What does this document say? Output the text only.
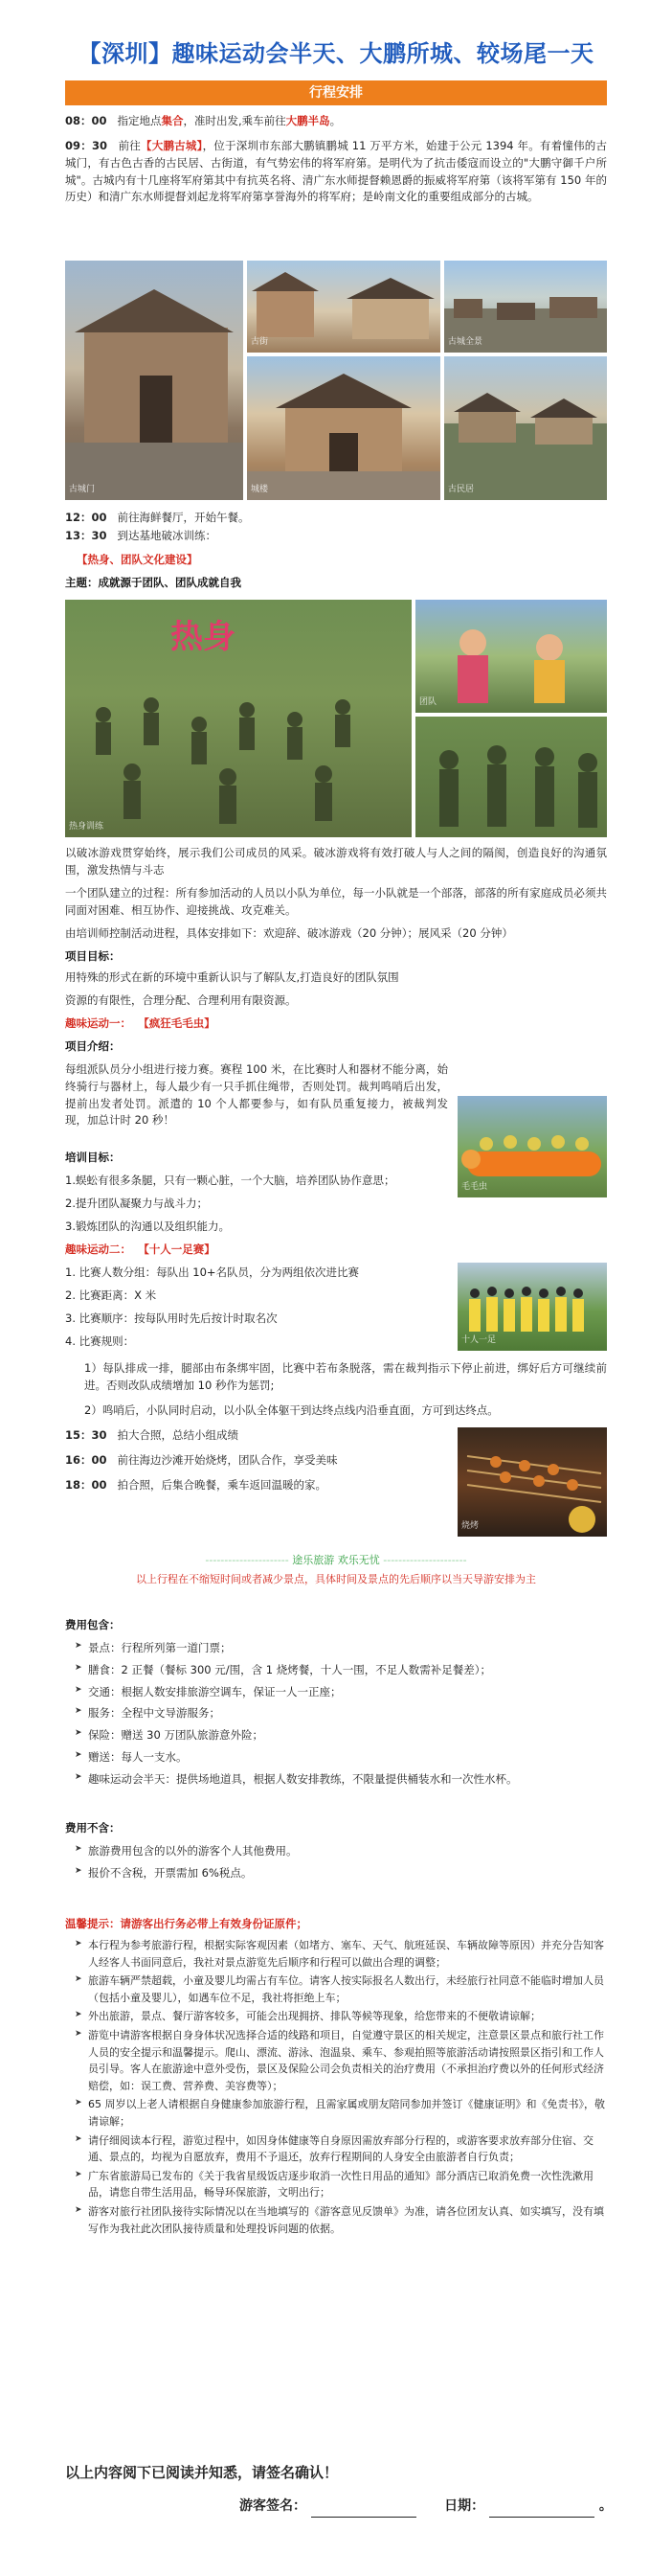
【深圳】趣味运动会半天、大鹏所城、较场尾一天
行程安排
08：00 指定地点集合，准时出发,乘车前往大鹏半岛。
09：30 前往【大鹏古城】，位于深圳市东部大鹏镇鹏城 11 万平方米，始建于公元 1394 年。有着憧伟的古城门，有古色古香的古民居、古街道，有气势宏伟的将军府第。是明代为了抗击倭寇而设立的"大鹏守御千户所城"。古城内有十几座将军府第其中有抗英名将、清广东水师提督赖恩爵的振威将军府第（该将军第有 150 年的历史）和清广东水师提督刘起龙将军府第享誉海外的将军府；是岭南文化的重要组成部分的古城。
古城门
古街
城楼
古城全景
古民居
12：00 前往海鲜餐厅，开始午餐。
13：30 到达基地破冰训练：
【热身、团队文化建设】
主题：成就源于团队、团队成就自我
热身
热身训练
团队
以破冰游戏贯穿始终，展示我们公司成员的风采。破冰游戏将有效打破人与人之间的隔阂，创造良好的沟通氛围，激发热情与斗志
一个团队建立的过程：所有参加活动的人员以小队为单位，每一小队就是一个部落，部落的所有家庭成员必须共同面对困难、相互协作、迎接挑战、攻克难关。
由培训师控制活动进程，具体安排如下：欢迎辞、破冰游戏（20 分钟）；展风采（20 分钟）
项目目标：
用特殊的形式在新的环境中重新认识与了解队友,打造良好的团队氛围
资源的有限性，合理分配、合理利用有限资源。
趣味运动一： 【疯狂毛毛虫】
项目介绍：
每组派队员分小组进行接力赛。赛程 100 米，在比赛时人和器材不能分离，始终骑行与器材上，每人最少有一只手抓住绳带，否则处罚。裁判鸣哨后出发，提前出发者处罚。派遣的 10 个人都要参与，如有队员重复接力，被裁判发现，加总计时 20 秒！
毛毛虫
培训目标：
1.蜈蚣有很多条腿，只有一颗心脏，一个大脑，培养团队协作意思；
2.提升团队凝聚力与战斗力；
3.锻炼团队的沟通以及组织能力。
趣味运动二： 【十人一足赛】
1. 比赛人数分组：每队出 10+名队员，分为两组依次进比赛
2. 比赛距离：X 米
3. 比赛顺序：按每队用时先后按计时取名次
4. 比赛规则：	十人一足
1）每队排成一排，腿部由布条绑牢固，比赛中若布条脱落，需在裁判指示下停止前进，绑好后方可继续前进。否则改队成绩增加 10 秒作为惩罚;
2）鸣哨后，小队同时启动，以小队全体躯干到达终点线内沿垂直面，方可到达终点。
15：30 拍大合照，总结小组成绩
16：00 前往海边沙滩开始烧烤，团队合作，享受美味
18：00 拍合照，后集合晚餐，乘车返回温暖的家。
烧烤
---------------------- 途乐旅游 欢乐无忧 ----------------------
以上行程在不缩短时间或者减少景点，具体时间及景点的先后顺序以当天导游安排为主
费用包含：
➤ 景点：行程所列第一道门票；
➤ 膳食：2 正餐（餐标 300 元/围，含 1 烧烤餐，十人一围，不足人数需补足餐差）；
➤ 交通：根据人数安排旅游空调车，保证一人一正座；
➤ 服务：全程中文导游服务；
➤ 保险：赠送 30 万团队旅游意外险；
➤ 赠送：每人一支水。
➤ 趣味运动会半天：提供场地道具，根据人数安排教练，不限量提供桶装水和一次性水杯。
费用不含：
➤ 旅游费用包含的以外的游客个人其他费用。
➤ 报价不含税，开票需加 6%税点。
温馨提示：请游客出行务必带上有效身份证原件；
➤ 本行程为参考旅游行程，根据实际客观因素（如堵方、塞车、天气、航班延误、车辆故障等原因）并充分告知客人经客人书面同意后，我社对景点游览先后顺序和行程可以做出合理的调整；
➤ 旅游车辆严禁超载，小童及婴儿均需占有车位。请客人按实际报名人数出行，未经旅行社同意不能临时增加人员（包括小童及婴儿），如遇车位不足，我社将拒绝上车；
➤ 外出旅游，景点、餐厅游客较多，可能会出现拥挤、排队等候等现象，给您带来的不便敬请谅解；
➤ 游览中请游客根据自身身体状况选择合适的线路和项目，自觉遵守景区的相关规定，注意景区景点和旅行社工作人员的安全提示和温馨提示。爬山、漂流、游泳、泡温泉、乘车、参观拍照等旅游活动请按照景区指引和工作人员引导。客人在旅游途中意外受伤，景区及保险公司会负责相关的治疗费用（不承担治疗费以外的任何形式经济赔偿，如：误工费、营养费、美容费等）；
➤ 65 周岁以上老人请根据自身健康参加旅游行程，且需家属或朋友陪同参加并签订《健康证明》和《免责书》，敬请谅解；
➤ 请仔细阅读本行程，游览过程中，如因身体健康等自身原因需放弃部分行程的，或游客要求放弃部分住宿、交通、景点的，均视为自愿放弃，费用不予退还，放弃行程期间的人身安全由旅游者自行负责；
➤ 广东省旅游局已发布的《关于我省星级饭店逐步取消一次性日用品的通知》部分酒店已取消免费一次性洗漱用品，请您自带生活用品，畅导环保旅游，文明出行；
➤ 游客对旅行社团队接待实际情况以在当地填写的《游客意见反馈单》为准，请各位团友认真、如实填写，没有填写作为我社此次团队接待质量和处理投诉问题的依据。
以上内容阅下已阅读并知悉，请签名确认！
游客签名：	日期：	。
